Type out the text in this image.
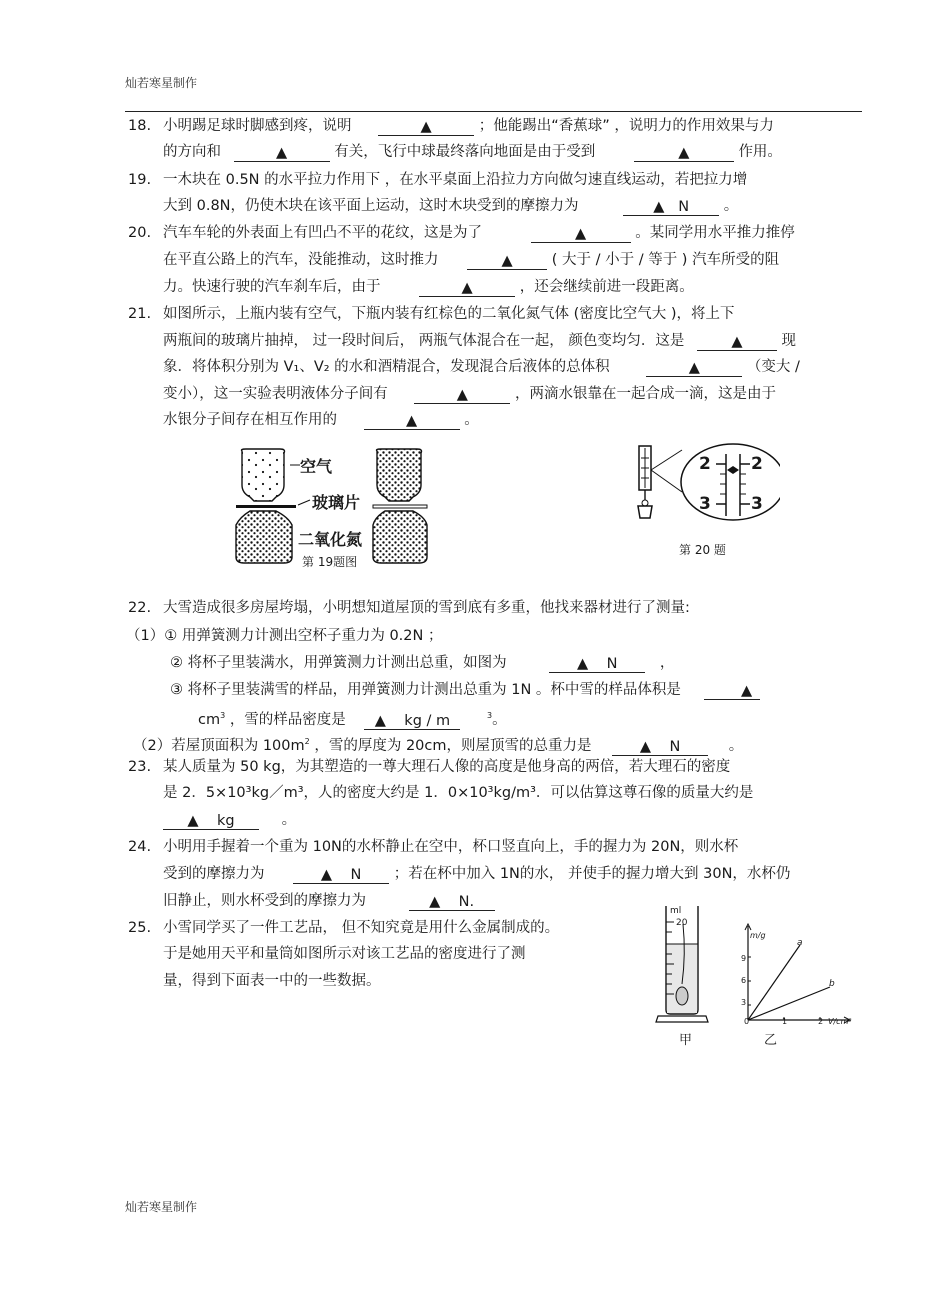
灿若寒星制作
18. 小明踢足球时脚感到疼，说明	▲	；他能踢出“香蕉球” ，说明力的作用效果与力
的方向和	▲	有关，飞行中球最终落向地面是由于受到	▲	作用。
19. 一木块在 0.5N 的水平拉力作用下 ，在水平桌面上沿拉力方向做匀速直线运动，若把拉力增
大到 0.8N，仍使木块在该平面上运动，这时木块受到的摩擦力为	▲ N 。
20. 汽车车轮的外表面上有凹凸不平的花纹，这是为了	▲	。某同学用水平推力推停
在平直公路上的汽车，没能推动，这时推力	▲	( 大于 / 小于 / 等于 ) 汽车所受的阻
力。快速行驶的汽车刹车后，由于	▲	，还会继续前进一段距离。
21. 如图所示，上瓶内装有空气，下瓶内装有红棕色的二氧化氮气体 (密度比空气大 )，将上下
两瓶间的玻璃片抽掉， 过一段时间后， 两瓶气体混合在一起， 颜色变均匀．这是	▲	现
象．将体积分别为 V₁、V₂ 的水和酒精混合，发现混合后液体的总体积	▲	（变大 /
变小），这一实验表明液体分子间有	▲	，两滴水银靠在一起合成一滴，这是由于
水银分子间存在相互作用的	▲	。
空气
玻璃片
二氧化氮
第 19题图
2 2
3 3
第 20 题
22. 大雪造成很多房屋垮塌，小明想知道屋顶的雪到底有多重，他找来器材进行了测量:
（1）① 用弹簧测力计测出空杯子重力为 0.2N ；
② 将杯子里装满水，用弹簧测力计测出总重，如图为	▲ N	，
③ 将杯子里装满雪的样品，用弹簧测力计测出总重为 1N 。杯中雪的样品体积是	▲
$cm^3$ ，雪的样品密度是 ▲ kg / m	$^3$。
（2）若屋顶面积为 $100m^2$ ，雪的厚度为 20cm，则屋顶雪的总重力是	▲ N	。
23. 某人质量为 50 kg，为其塑造的一尊大理石人像的高度是他身高的两倍，若大理石的密度
是 2．5×10³kg／m³，人的密度大约是 1．0×10³kg/m³．可以估算这尊石像的质量大约是
▲ kg	。
24. 小明用手握着一个重为 10N的水杯静止在空中，杯口竖直向上，手的握力为 20N，则水杯
受到的摩擦力为	▲ N ；若在杯中加入 1N的水， 并使手的握力增大到 30N，水杯仍
旧静止，则水杯受到的摩擦力为	▲ N.
25. 小雪同学买了一件工艺品， 但不知究竟是用什么金属制成的。
于是她用天平和量筒如图所示对该工艺品的密度进行了测
量，得到下面表一中的一些数据。
ml
20
甲
m/g
9
6
3
0	1	2 V/cm³
a
b
乙
灿若寒星制作
